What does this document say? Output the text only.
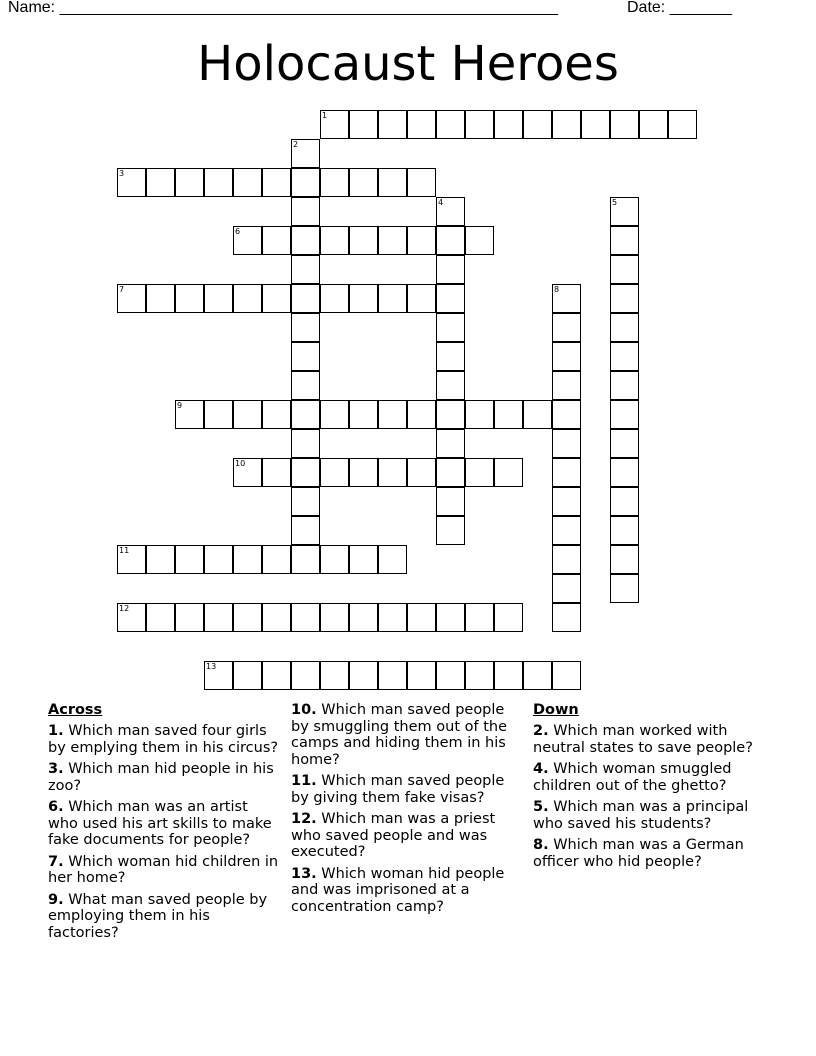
Name: ________________________________________________________	Date: _______
Holocaust Heroes
1
2
3
4	5
6
7	8
9
10
11
12
13
Across
1. Which man saved four girls by emplying them in his circus?
3. Which man hid people in his zoo?
6. Which man was an artist who used his art skills to make fake documents for people?
7. Which woman hid children in her home?
9. What man saved people by employing them in his factories?
10. Which man saved people by smuggling them out of the camps and hiding them in his home?
11. Which man saved people by giving them fake visas?
12. Which man was a priest who saved people and was executed?
13. Which woman hid people and was imprisoned at a concentration camp?
Down
2. Which man worked with neutral states to save people?
4. Which woman smuggled children out of the ghetto?
5. Which man was a principal who saved his students?
8. Which man was a German officer who hid people?
